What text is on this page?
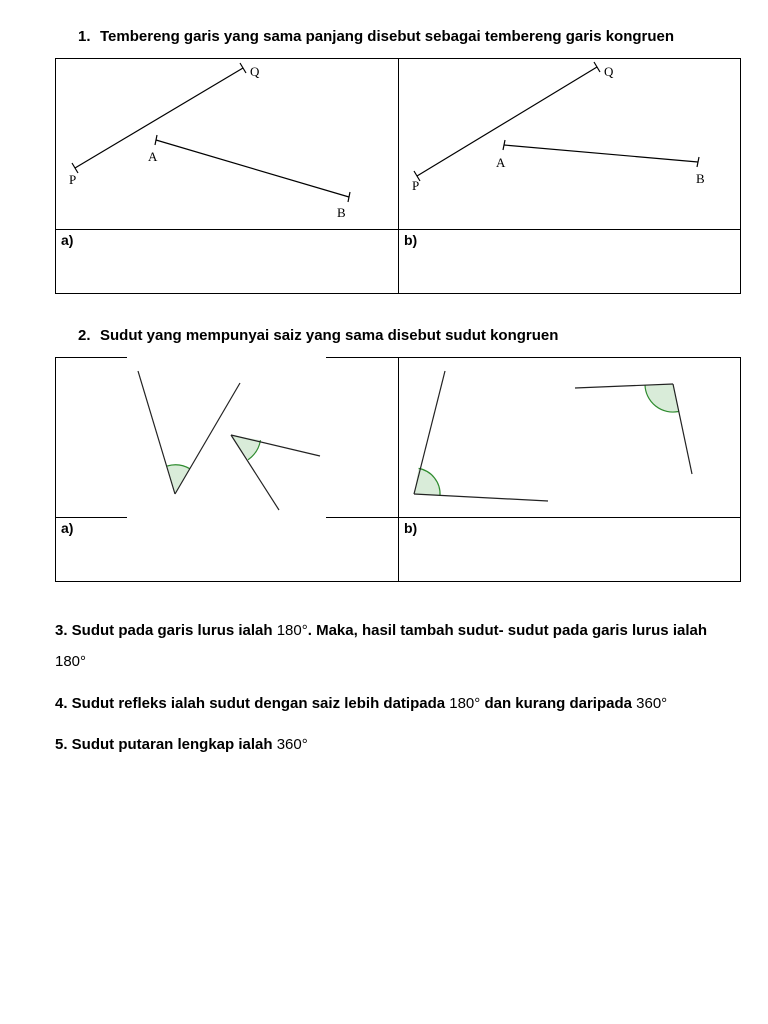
1. Tembereng garis yang sama panjang disebut sebagai tembereng garis kongruen
Q
P
A
B
Q
P
A
B
a)	b)
2. Sudut yang mempunyai saiz yang sama disebut sudut kongruen
a)	b)
3. Sudut pada garis lurus ialah 180°. Maka, hasil tambah sudut- sudut pada garis lurus ialah
180°
4. Sudut refleks ialah sudut dengan saiz lebih datipada 180° dan kurang daripada 360°
5. Sudut putaran lengkap ialah 360°
